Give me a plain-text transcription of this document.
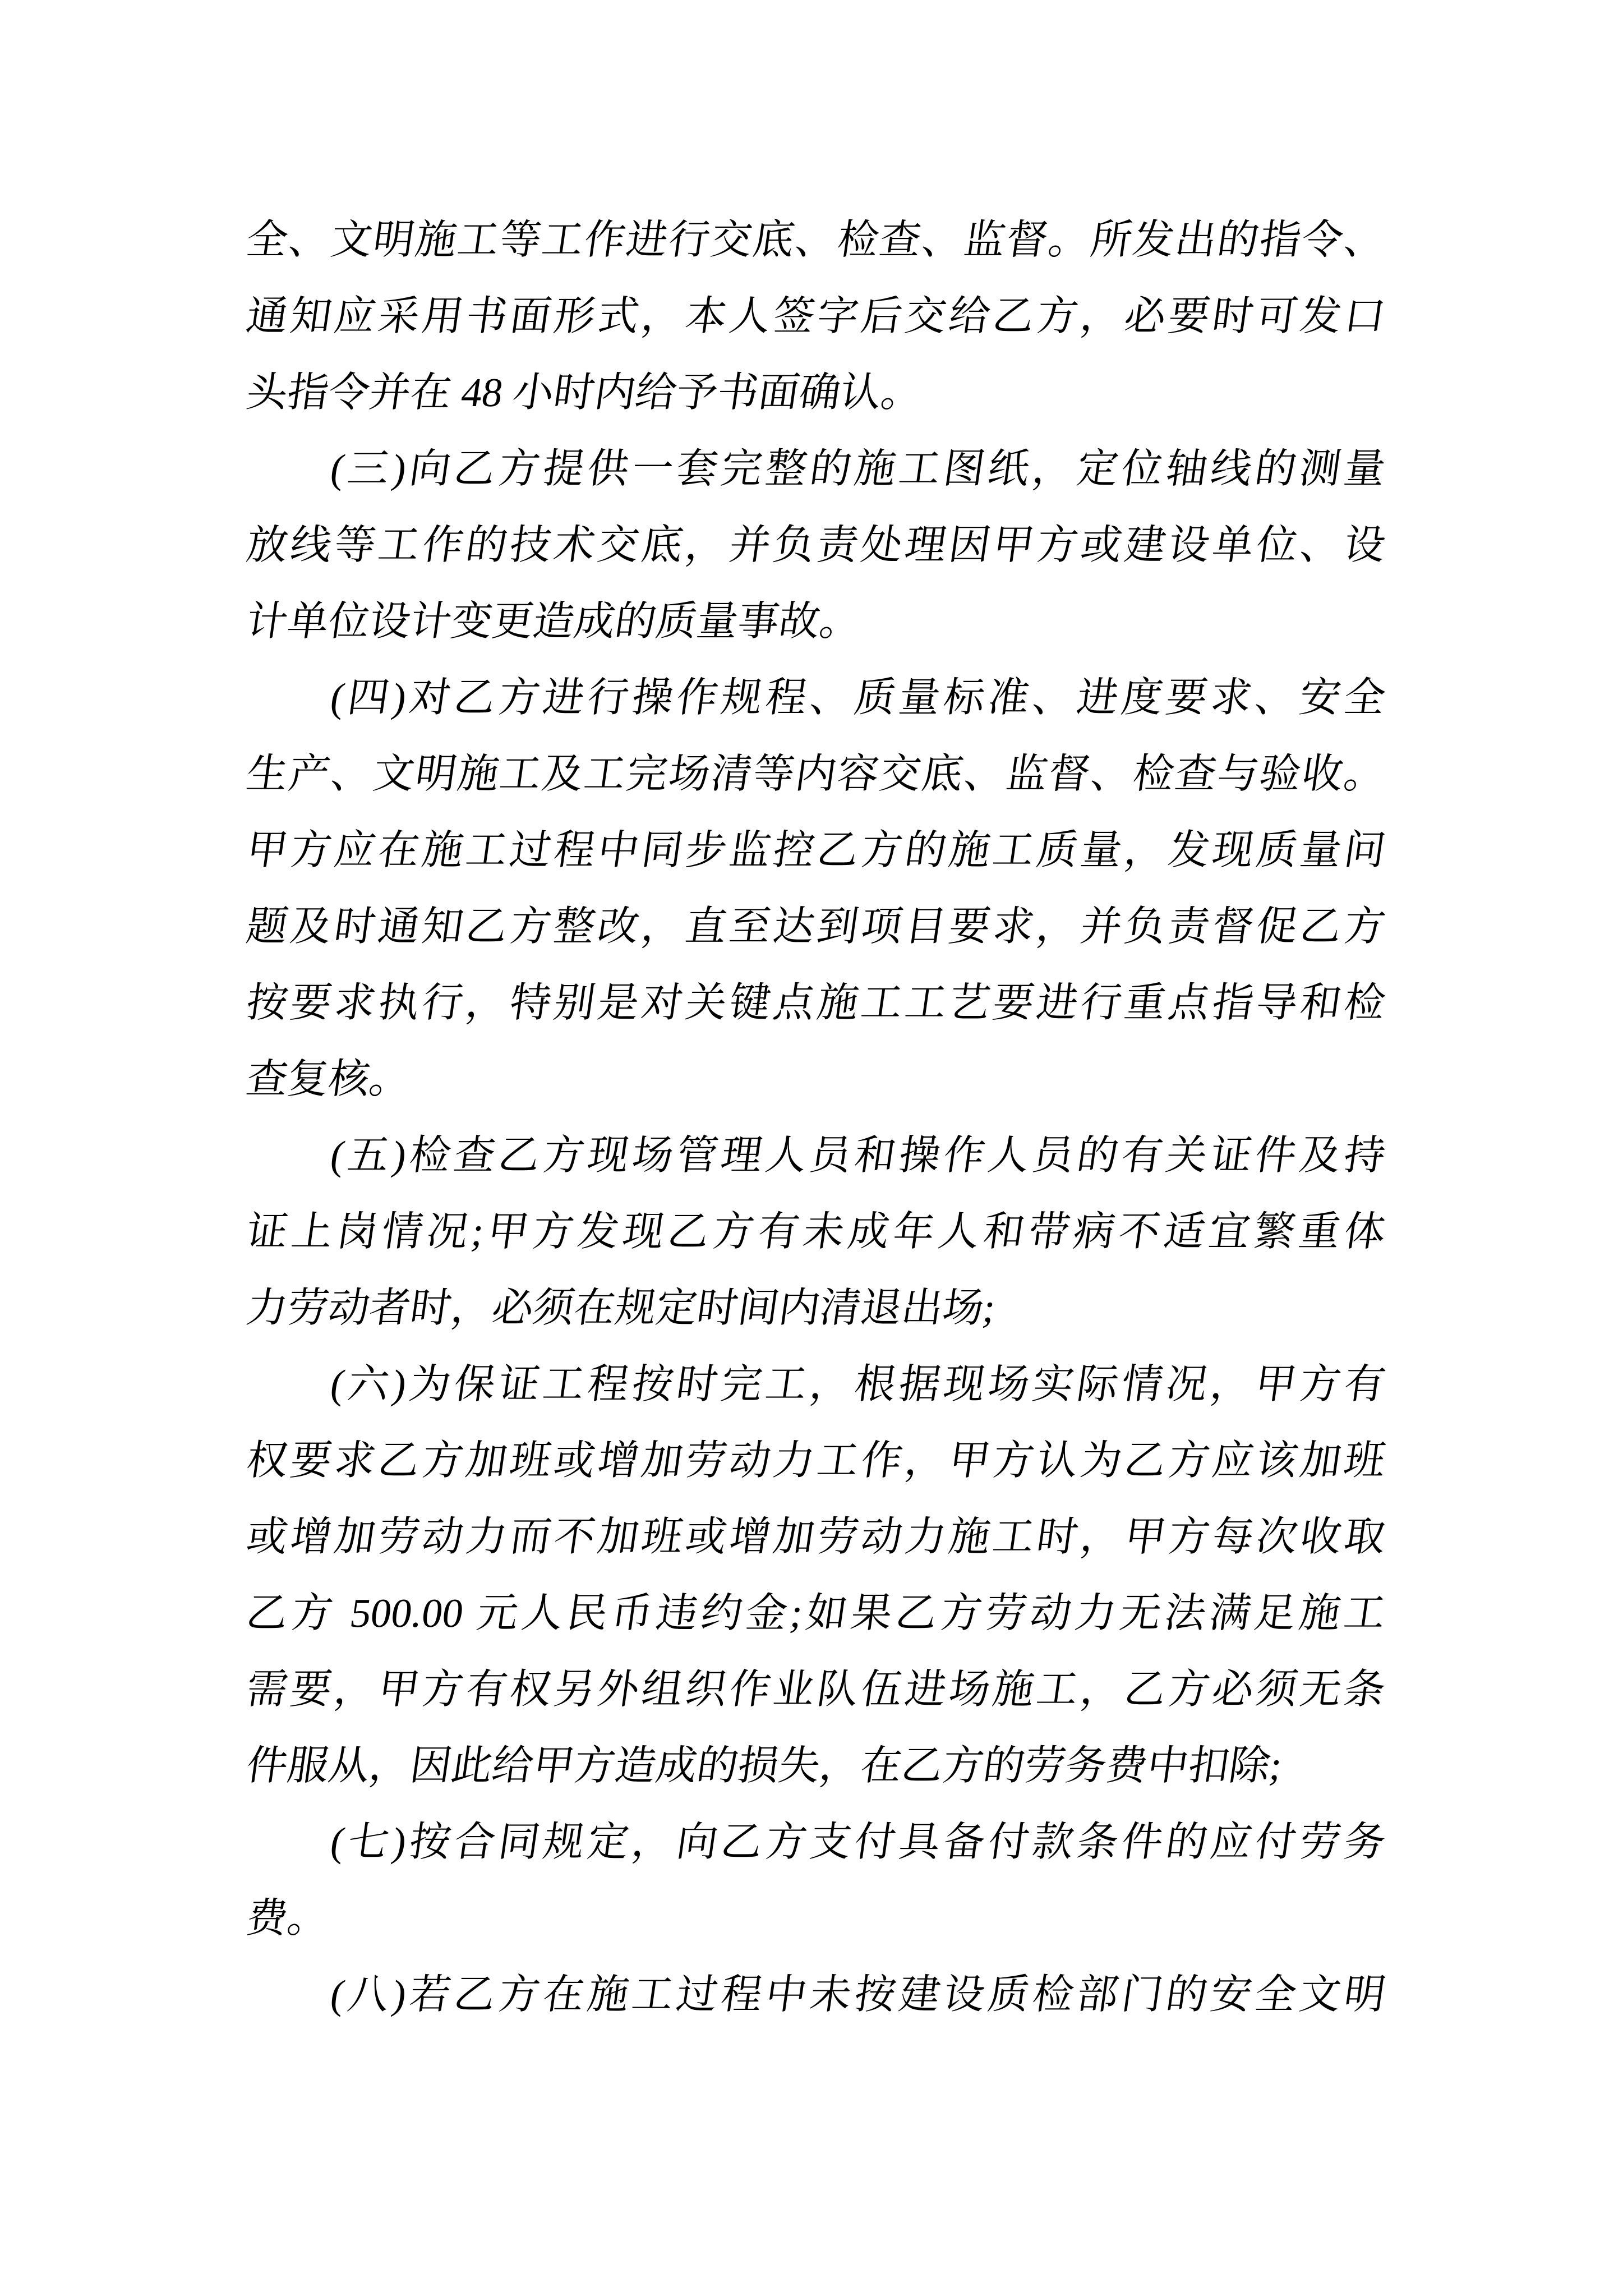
全、文明施工等工作进行交底、检查、监督。所发出的指令、
通知应采用书面形式，本人签字后交给乙方，必要时可发口
头指令并在 48 小时内给予书面确认。
(三)向乙方提供一套完整的施工图纸，定位轴线的测量
放线等工作的技术交底，并负责处理因甲方或建设单位、设
计单位设计变更造成的质量事故。
(四)对乙方进行操作规程、质量标准、进度要求、安全
生产、文明施工及工完场清等内容交底、监督、检查与验收。
甲方应在施工过程中同步监控乙方的施工质量，发现质量问
题及时通知乙方整改，直至达到项目要求，并负责督促乙方
按要求执行，特别是对关键点施工工艺要进行重点指导和检
查复核。
(五)检查乙方现场管理人员和操作人员的有关证件及持
证上岗情况;甲方发现乙方有未成年人和带病不适宜繁重体
力劳动者时，必须在规定时间内清退出场;
(六)为保证工程按时完工，根据现场实际情况，甲方有
权要求乙方加班或增加劳动力工作，甲方认为乙方应该加班
或增加劳动力而不加班或增加劳动力施工时，甲方每次收取
乙方 500.00 元人民币违约金;如果乙方劳动力无法满足施工
需要，甲方有权另外组织作业队伍进场施工，乙方必须无条
件服从，因此给甲方造成的损失，在乙方的劳务费中扣除;
(七)按合同规定，向乙方支付具备付款条件的应付劳务
费。
(八)若乙方在施工过程中未按建设质检部门的安全文明
